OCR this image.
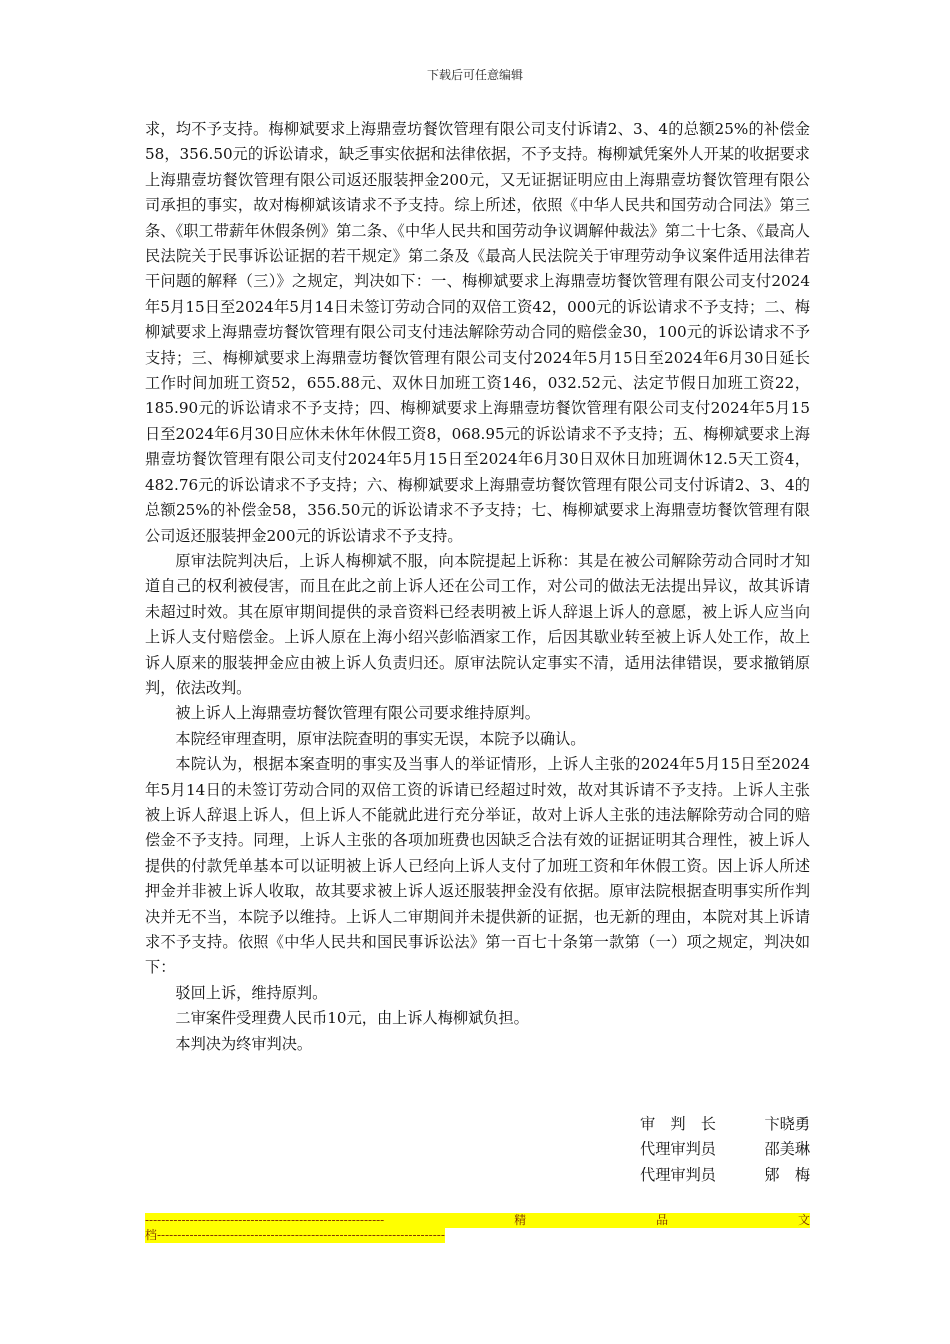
下载后可任意编辑

求，均不予支持。梅柳斌要求上海鼎壹坊餐饮管理有限公司支付诉请2、3、4的总额25%的补偿金58，356.50元的诉讼请求，缺乏事实依据和法律依据，不予支持。梅柳斌凭案外人开某的收据要求上海鼎壹坊餐饮管理有限公司返还服装押金200元，又无证据证明应由上海鼎壹坊餐饮管理有限公司承担的事实，故对梅柳斌该请求不予支持。综上所述，依照《中华人民共和国劳动合同法》第三条、《职工带薪年休假条例》第二条、《中华人民共和国劳动争议调解仲裁法》第二十七条、《最高人民法院关于民事诉讼证据的若干规定》第二条及《最高人民法院关于审理劳动争议案件适用法律若干问题的解释（三）》之规定，判决如下：一、梅柳斌要求上海鼎壹坊餐饮管理有限公司支付2024年5月15日至2024年5月14日未签订劳动合同的双倍工资42，000元的诉讼请求不予支持；二、梅柳斌要求上海鼎壹坊餐饮管理有限公司支付违法解除劳动合同的赔偿金30，100元的诉讼请求不予支持；三、梅柳斌要求上海鼎壹坊餐饮管理有限公司支付2024年5月15日至2024年6月30日延长工作时间加班工资52，655.88元、双休日加班工资146，032.52元、法定节假日加班工资22，185.90元的诉讼请求不予支持；四、梅柳斌要求上海鼎壹坊餐饮管理有限公司支付2024年5月15日至2024年6月30日应休未休年休假工资8，068.95元的诉讼请求不予支持；五、梅柳斌要求上海鼎壹坊餐饮管理有限公司支付2024年5月15日至2024年6月30日双休日加班调休12.5天工资4，482.76元的诉讼请求不予支持；六、梅柳斌要求上海鼎壹坊餐饮管理有限公司支付诉请2、3、4的总额25%的补偿金58，356.50元的诉讼请求不予支持；七、梅柳斌要求上海鼎壹坊餐饮管理有限公司返还服装押金200元的诉讼请求不予支持。

原审法院判决后，上诉人梅柳斌不服，向本院提起上诉称：其是在被公司解除劳动合同时才知道自己的权利被侵害，而且在此之前上诉人还在公司工作，对公司的做法无法提出异议，故其诉请未超过时效。其在原审期间提供的录音资料已经表明被上诉人辞退上诉人的意愿，被上诉人应当向上诉人支付赔偿金。上诉人原在上海小绍兴彭临酒家工作，后因其歇业转至被上诉人处工作，故上诉人原来的服装押金应由被上诉人负责归还。原审法院认定事实不清，适用法律错误，要求撤销原判，依法改判。

被上诉人上海鼎壹坊餐饮管理有限公司要求维持原判。

本院经审理查明，原审法院查明的事实无误，本院予以确认。

本院认为，根据本案查明的事实及当事人的举证情形，上诉人主张的2024年5月15日至2024年5月14日的未签订劳动合同的双倍工资的诉请已经超过时效，故对其诉请不予支持。上诉人主张被上诉人辞退上诉人，但上诉人不能就此进行充分举证，故对上诉人主张的违法解除劳动合同的赔偿金不予支持。同理，上诉人主张的各项加班费也因缺乏合法有效的证据证明其合理性，被上诉人提供的付款凭单基本可以证明被上诉人已经向上诉人支付了加班工资和年休假工资。因上诉人所述押金并非被上诉人收取，故其要求被上诉人返还服装押金没有依据。原审法院根据查明事实所作判决并无不当，本院予以维持。上诉人二审期间并未提供新的证据，也无新的理由，本院对其上诉请求不予支持。依照《中华人民共和国民事诉讼法》第一百七十条第一款第（一）项之规定，判决如下：

驳回上诉，维持原判。

二审案件受理费人民币10元，由上诉人梅柳斌负担。

本判决为终审判决。

审　判　长	卞晓勇
代理审判员	邵美琳
代理审判员	郳　梅
-----------------------------------------------------------	精	品	文
档-----------------------------------------------------------------------
